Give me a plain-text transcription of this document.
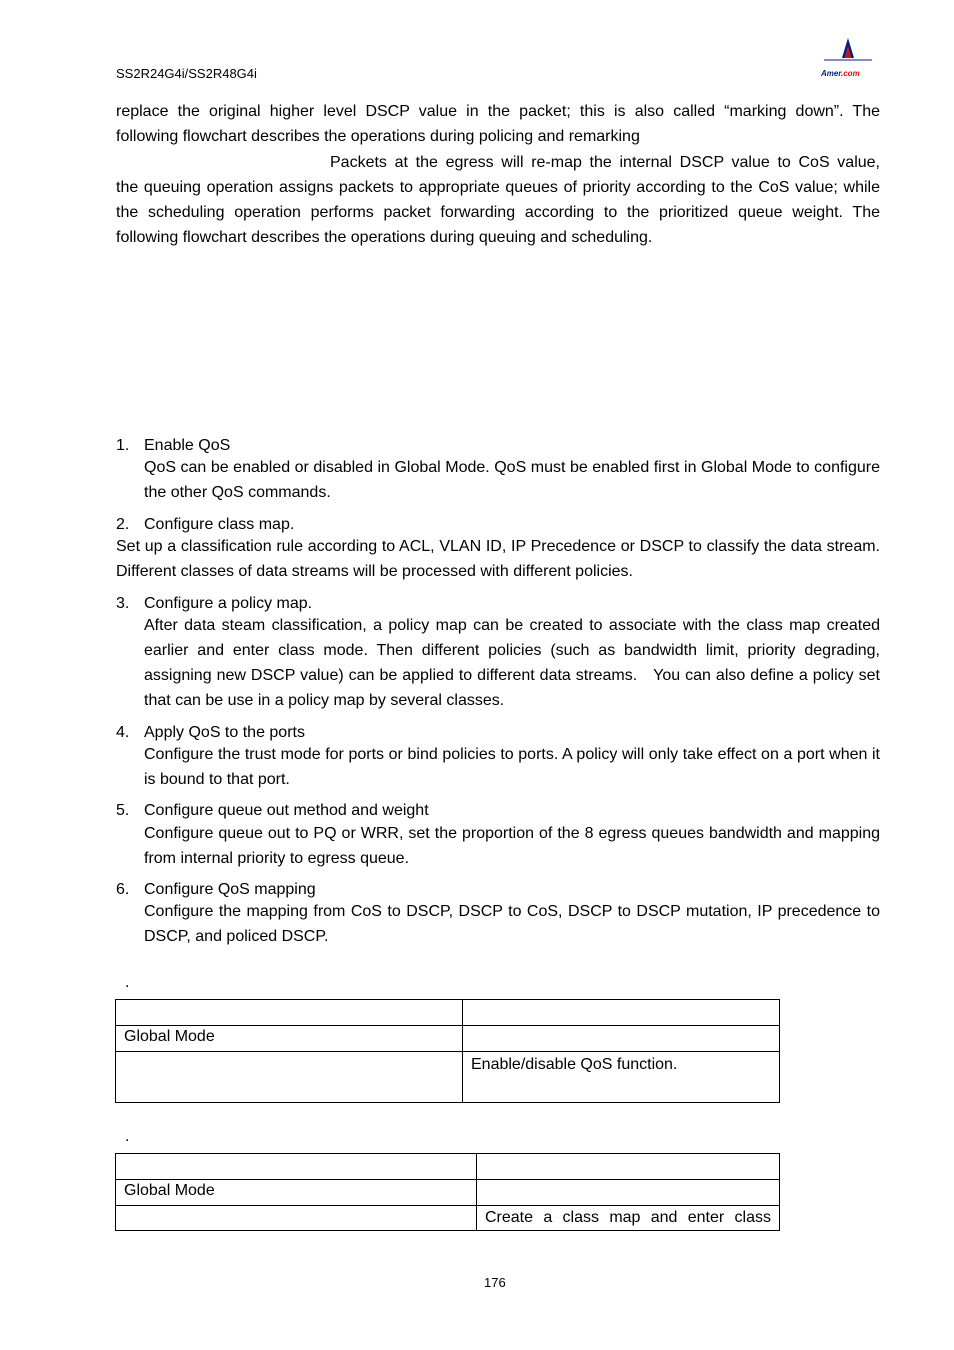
SS2R24G4i/SS2R48G4i	Amer.com
replace the original higher level DSCP value in the packet; this is also called “marking down”. The
following flowchart describes the operations during policing and remarking
Packets at the egress will re-map the internal DSCP value to CoS value,

the queuing operation assigns packets to appropriate queues of priority according to the CoS value; while the scheduling operation performs packet forwarding according to the prioritized queue weight. The following flowchart describes the operations during queuing and scheduling.

1. Enable QoS

QoS can be enabled or disabled in Global Mode. QoS must be enabled first in Global Mode to configure the other QoS commands.

2. Configure class map.

Set up a classification rule according to ACL, VLAN ID, IP Precedence or DSCP to classify the data stream. Different classes of data streams will be processed with different policies.

3. Configure a policy map.

After data steam classification, a policy map can be created to associate with the class map created earlier and enter class mode. Then different policies (such as bandwidth limit, priority degrading, assigning new DSCP value) can be applied to different data streams. You can also define a policy set that can be use in a policy map by several classes.

4. Apply QoS to the ports

Configure the trust mode for ports or bind policies to ports. A policy will only take effect on a port when it is bound to that port.

5. Configure queue out method and weight

Configure queue out to PQ or WRR, set the proportion of the 8 egress queues bandwidth and mapping from internal priority to egress queue.

6. Configure QoS mapping

Configure the mapping from CoS to DSCP, DSCP to CoS, DSCP to DSCP mutation, IP precedence to DSCP, and policed DSCP.

.

Global Mode	
	Enable/disable QoS function.
.

Global Mode	
	Create a class map and enter class
176
